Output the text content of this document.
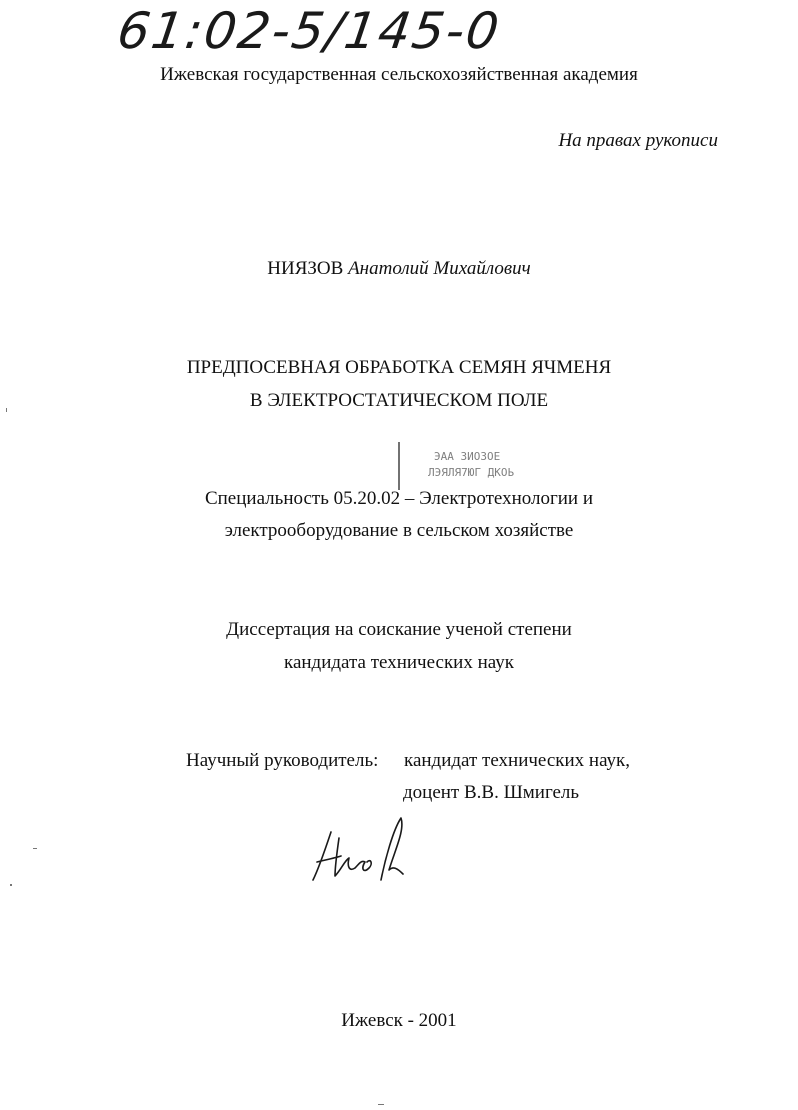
61:02-5/145-0
Ижевская государственная сельскохозяйственная академия
На правах рукописи
НИЯЗОВ Анатолий Михайлович
ПРЕДПОСЕВНАЯ ОБРАБОТКА СЕМЯН ЯЧМЕНЯ
В ЭЛЕКТРОСТАТИЧЕСКОМ ПОЛЕ
ЭАА ЗИОЗОЕ
ЛЭЯЛЯ7ЮГ ДКОЬ
Специальность 05.20.02 – Электротехнологии и
электрооборудование в сельском хозяйстве
Диссертация на соискание ученой степени
кандидата технических наук
Научный руководитель: кандидат технических наук,
доцент В.В. Шмигель
Ижевск - 2001
